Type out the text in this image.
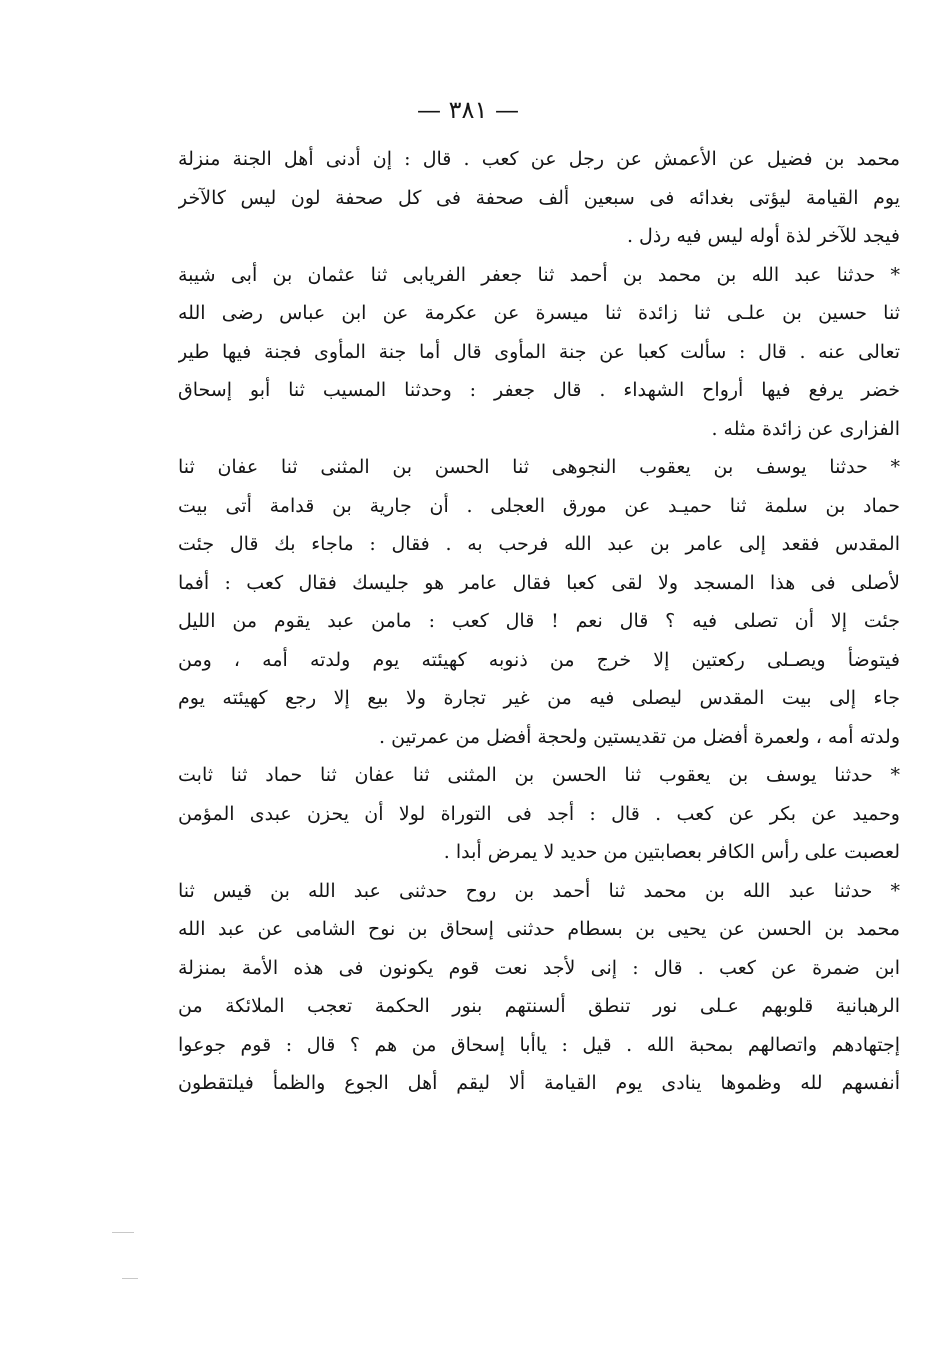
— ٣٨١ —
محمد بن فضيل عن الأعمش عن رجل عن كعب . قال : إن أدنى أهل الجنة منزلة
يوم القيامة ليؤتى بغدائه فى سبعين ألف صحفة فى كل صحفة لون ليس كالآخر
فيجد للآخر لذة أوله ليس فيه رذل .
* حدثنا عبد الله بن محمد بن أحمد ثنا جعفر الفريابى ثنا عثمان بن أبى شيبة
ثنا حسين بن علـى ثنا زائدة ثنا ميسرة عن عكرمة عن ابن عباس رضى الله
تعالى عنه . قال : سألت كعبا عن جنة المأوى قال أما جنة المأوى فجنة فيها طير
خضر يرفع فيها أرواح الشهداء . قال جعفر : وحدثنا المسيب ثنا أبو إسحاق
الفزارى عن زائدة مثله .
* حدثنا يوسف بن يعقوب النجوهى ثنا الحسن بن المثنى ثنا عفان ثنا
حماد بن سلمة ثنا حميـد عن مورق العجلى . أن جارية بن قدامة أتى بيت
المقدس فقعد إلى عامر بن عبد الله فرحب به . فقال : ماجاء بك قال جئت
لأصلى فى هذا المسجد ولا لقى كعبا فقال عامر هو جليسك فقال كعب : أفما
جئت إلا أن تصلى فيه ؟ قال نعم ! قال كعب : مامن عبد يقوم من الليل
فيتوضأ ويصـلى ركعتين إلا خرج من ذنوبه كهيئته يوم ولدته أمه ، ومن
جاء إلى بيت المقدس ليصلى فيه من غير تجارة ولا بيع إلا رجع كهيئته يوم
ولدته أمه ، ولعمرة أفضل من تقديستين ولحجة أفضل من عمرتين .
* حدثنا يوسف بن يعقوب ثنا الحسن بن المثنى ثنا عفان ثنا حماد ثنا ثابت
وحميد عن بكر عن كعب . قال : أجد فى التوراة لولا أن يحزن عبدى المؤمن
لعصبت على رأس الكافر بعصابتين من حديد لا يمرض أبدا .
* حدثنا عبد الله بن محمد ثنا أحمد بن روح حدثنى عبد الله بن قيس ثنا
محمد بن الحسن عن يحيى بن بسطام حدثنى إسحاق بن نوح الشامى عن عبد الله
ابن ضمرة عن كعب . قال : إنى لأجد نعت قوم يكونون فى هذه الأمة بمنزلة
الرهبانية قلوبهم عـلى نور تنطق ألسنتهم بنور الحكمة تعجب الملائكة من
إجتهادهم واتصالهم بمحبة الله . قيل : ياأبا إسحاق من هم ؟ قال : قوم جوعوا
أنفسهم لله وظموها ينادى يوم القيامة ألا ليقم أهل الجوع والظمأ فيلتقطون
